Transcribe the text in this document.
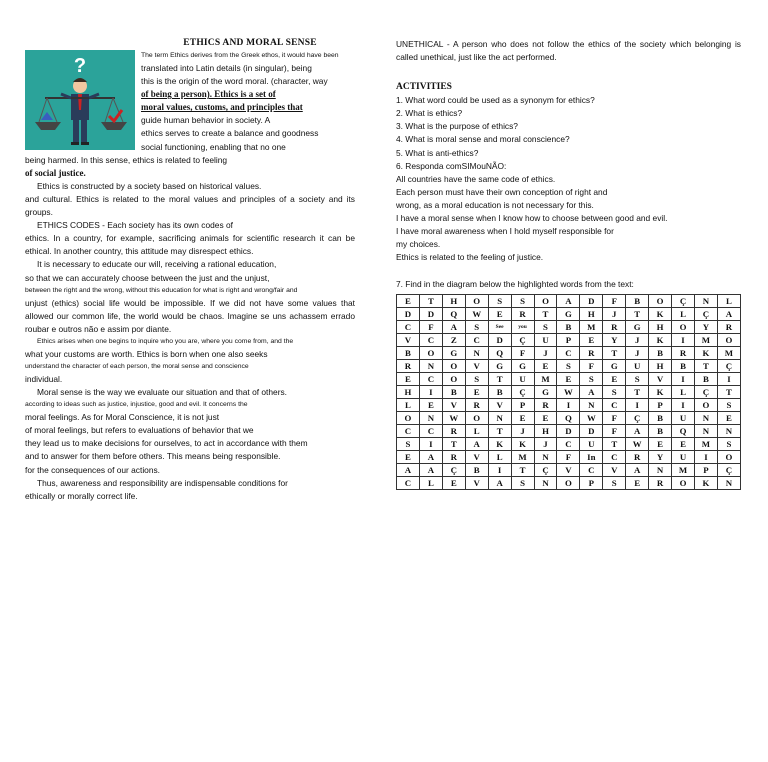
ETHICS AND MORAL SENSE
?	The term Ethics derives from the Greek ethos, it would have been

translated into Latin details (in singular), being

this is the origin of the word moral. (character, way

of being a person). Ethics is a set of

moral values, customs, and principles that

guide human behavior in society. A

ethics serves to create a balance and goodness

social functioning, enabling that no one

being harmed. In this sense, ethics is related to feeling

of social justice.

Ethics is constructed by a society based on historical values.

and cultural. Ethics is related to the moral values and principles of a society and its groups.

ETHICS CODES - Each society has its own codes of

ethics. In a country, for example, sacrificing animals for scientific research it can be ethical. In another country, this attitude may disrespect ethics.

It is necessary to educate our will, receiving a rational education,

so that we can accurately choose between the just and the unjust,

between the right and the wrong, without this education for what is right and wrong/fair and

unjust (ethics) social life would be impossible. If we did not have some values that allowed our common life, the world would be chaos. Imagine se uns achassem errado roubar e outros não e assim por diante.

Ethics arises when one begins to inquire who you are, where you come from, and the

what your customs are worth. Ethics is born when one also seeks

understand the character of each person, the moral sense and conscience

individual.

Moral sense is the way we evaluate our situation and that of others.

according to ideas such as justice, injustice, good and evil. It concerns the

moral feelings. As for Moral Conscience, it is not just

of moral feelings, but refers to evaluations of behavior that we

they lead us to make decisions for ourselves, to act in accordance with them

and to answer for them before others. This means being responsible.

for the consequences of our actions.

Thus, awareness and responsibility are indispensable conditions for

ethically or morally correct life.

UNETHICAL - A person who does not follow the ethics of the society which belonging is called unethical, just like the act performed.

ACTIVITIES

1. What word could be used as a synonym for ethics?

2. What is ethics?

3. What is the purpose of ethics?

4. What is moral sense and moral conscience?

5. What is anti-ethics?

6. Responda comSIMouNÃO:

All countries have the same code of ethics.

Each person must have their own conception of right and

wrong, as a moral education is not necessary for this.

I have a moral sense when I know how to choose between good and evil.

I have moral awareness when I hold myself responsible for

my choices.

Ethics is related to the feeling of justice.

7. Find in the diagram below the highlighted words from the text:

E	T	H	O	S	S	O	A	D	F	B	O	Ç	N	L
D	D	Q	W	E	R	T	G	H	J	T	K	L	Ç	A
C	F	A	S	See	you	S	B	M	R	G	H	O	Y	R
V	C	Z	C	D	Ç	U	P	E	Y	J	K	I	M	O
B	O	G	N	Q	F	J	C	R	T	J	B	R	K	M
R	N	O	V	G	G	E	S	F	G	U	H	B	T	Ç
E	C	O	S	T	U	M	E	S	E	S	V	I	B	I
H	I	B	E	B	Ç	G	W	A	S	T	K	L	Ç	T
L	E	V	R	V	P	R	I	N	C	I	P	I	O	S
O	N	W	O	N	E	E	Q	W	F	Ç	B	U	N	E
C	C	R	L	T	J	H	D	D	F	A	B	Q	N	N
S	I	T	A	K	K	J	C	U	T	W	E	E	M	S
E	A	R	V	L	M	N	F	In	C	R	Y	U	I	O
A	A	Ç	B	I	T	Ç	V	C	V	A	N	M	P	Ç
C	L	E	V	A	S	N	O	P	S	E	R	O	K	N
